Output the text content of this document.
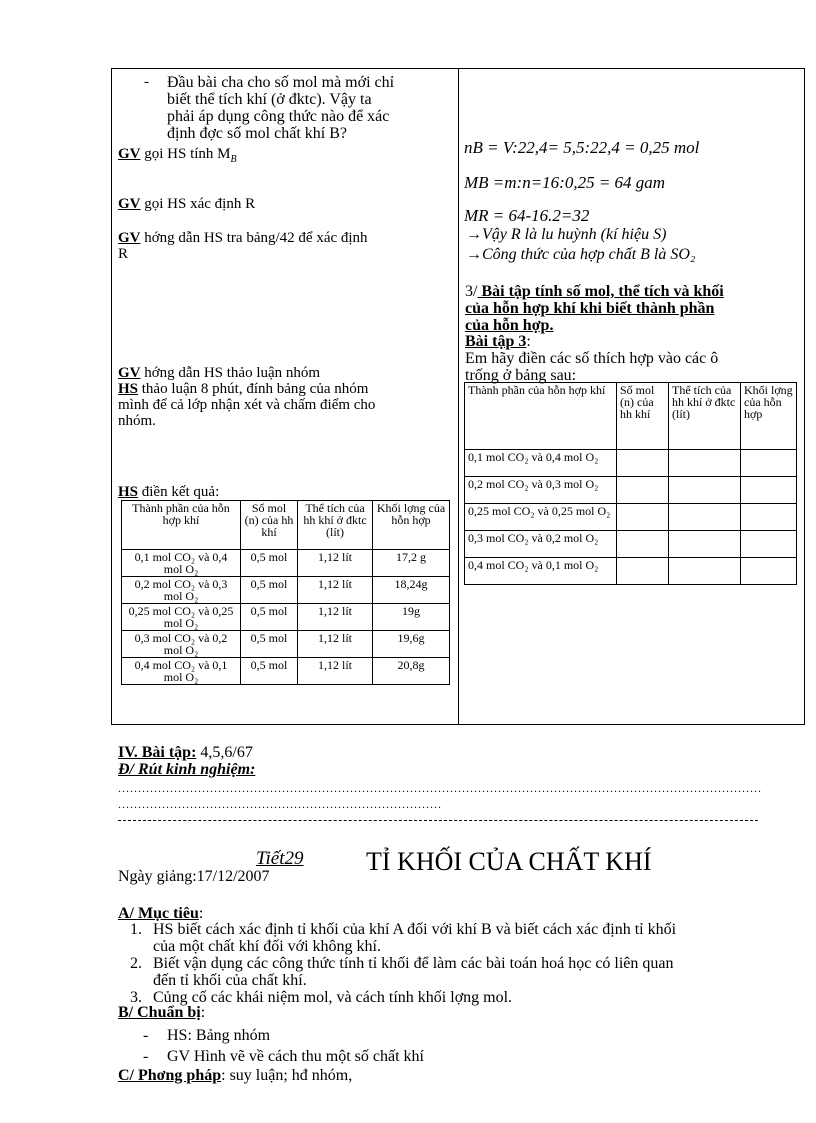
- Đầu bài cha cho số mol mà mới chỉ
biết thể tích khí (ở đktc). Vậy ta
phải áp dụng công thức nào để xác
định đợc số mol chất khí B?
GV gọi HS tính $M_B$
GV gọi HS xác định R
GV hớng dẫn HS tra bảng/42 để xác định
R
GV hớng dẫn HS thảo luận nhóm
HS thảo luận 8 phút, đính bảng của nhóm
mình để cả lớp nhận xét và chấm điểm cho
nhóm.
HS điền kết quả:
Thành phần của hỗn hợp khí	Số mol (n) của hh khí	Thể tích của hh khí ở đktc (lít)	Khối lợng của hỗn hợp
0,1 mol CO₂ và 0,4 mol O₂	0,5 mol	1,12 lít	17,2 g
0,2 mol CO₂ và 0,3 mol O₂	0,5 mol	1,12 lít	18,24g
0,25 mol CO₂ và 0,25 mol O₂	0,5 mol	1,12 lít	19g
0,3 mol CO₂ và 0,2 mol O₂	0,5 mol	1,12 lít	19,6g
0,4 mol CO₂ và 0,1 mol O₂	0,5 mol	1,12 lít	20,8g
nB = V:22,4= 5,5:22,4 = 0,25 mol
MB =m:n=16:0,25 = 64 gam
MR = 64-16.2=32
→Vậy R là lu huỳnh (kí hiệu S)
→Công thức của hợp chất B là SO₂
3/ Bài tập tính số mol, thể tích và khối
của hỗn hợp khí khi biết thành phần
của hỗn hợp.
Bài tập 3:
Em hãy điền các số thích hợp vào các ô
trống ở bảng sau:
Thành phần của hỗn hợp khí	Số mol (n) của hh khí	Thể tích của hh khí ở đktc (lít)	Khối lợng của hỗn hợp
0,1 mol CO₂ và 0,4 mol O₂			
0,2 mol CO₂ và 0,3 mol O₂			
0,25 mol CO₂ và 0,25 mol O₂			
0,3 mol CO₂ và 0,2 mol O₂			
0,4 mol CO₂ và 0,1 mol O₂			
IV. Bài tập: 4,5,6/67
Đ/ Rút kinh nghiệm:
.................................................................................................................................................................
.................................................................................
Tiết29 TỈ KHỐI CỦA CHẤT KHÍ
Ngày giảng:17/12/2007
A/ Mục tiêu:
1. HS biết cách xác định tỉ khối của khí A đối với khí B và biết cách xác định tỉ khối
của một chất khí đối với không khí.
2. Biết vận dụng các công thức tính tỉ khối để làm các bài toán hoá học có liên quan
đến tỉ khối của chất khí.
3. Củng cố các khái niệm mol, và cách tính khối lợng mol.
B/ Chuẩn bị:
- HS: Bảng nhóm
- GV Hình vẽ về cách thu một số chất khí
C/ Phơng pháp: suy luận; hđ nhóm,
